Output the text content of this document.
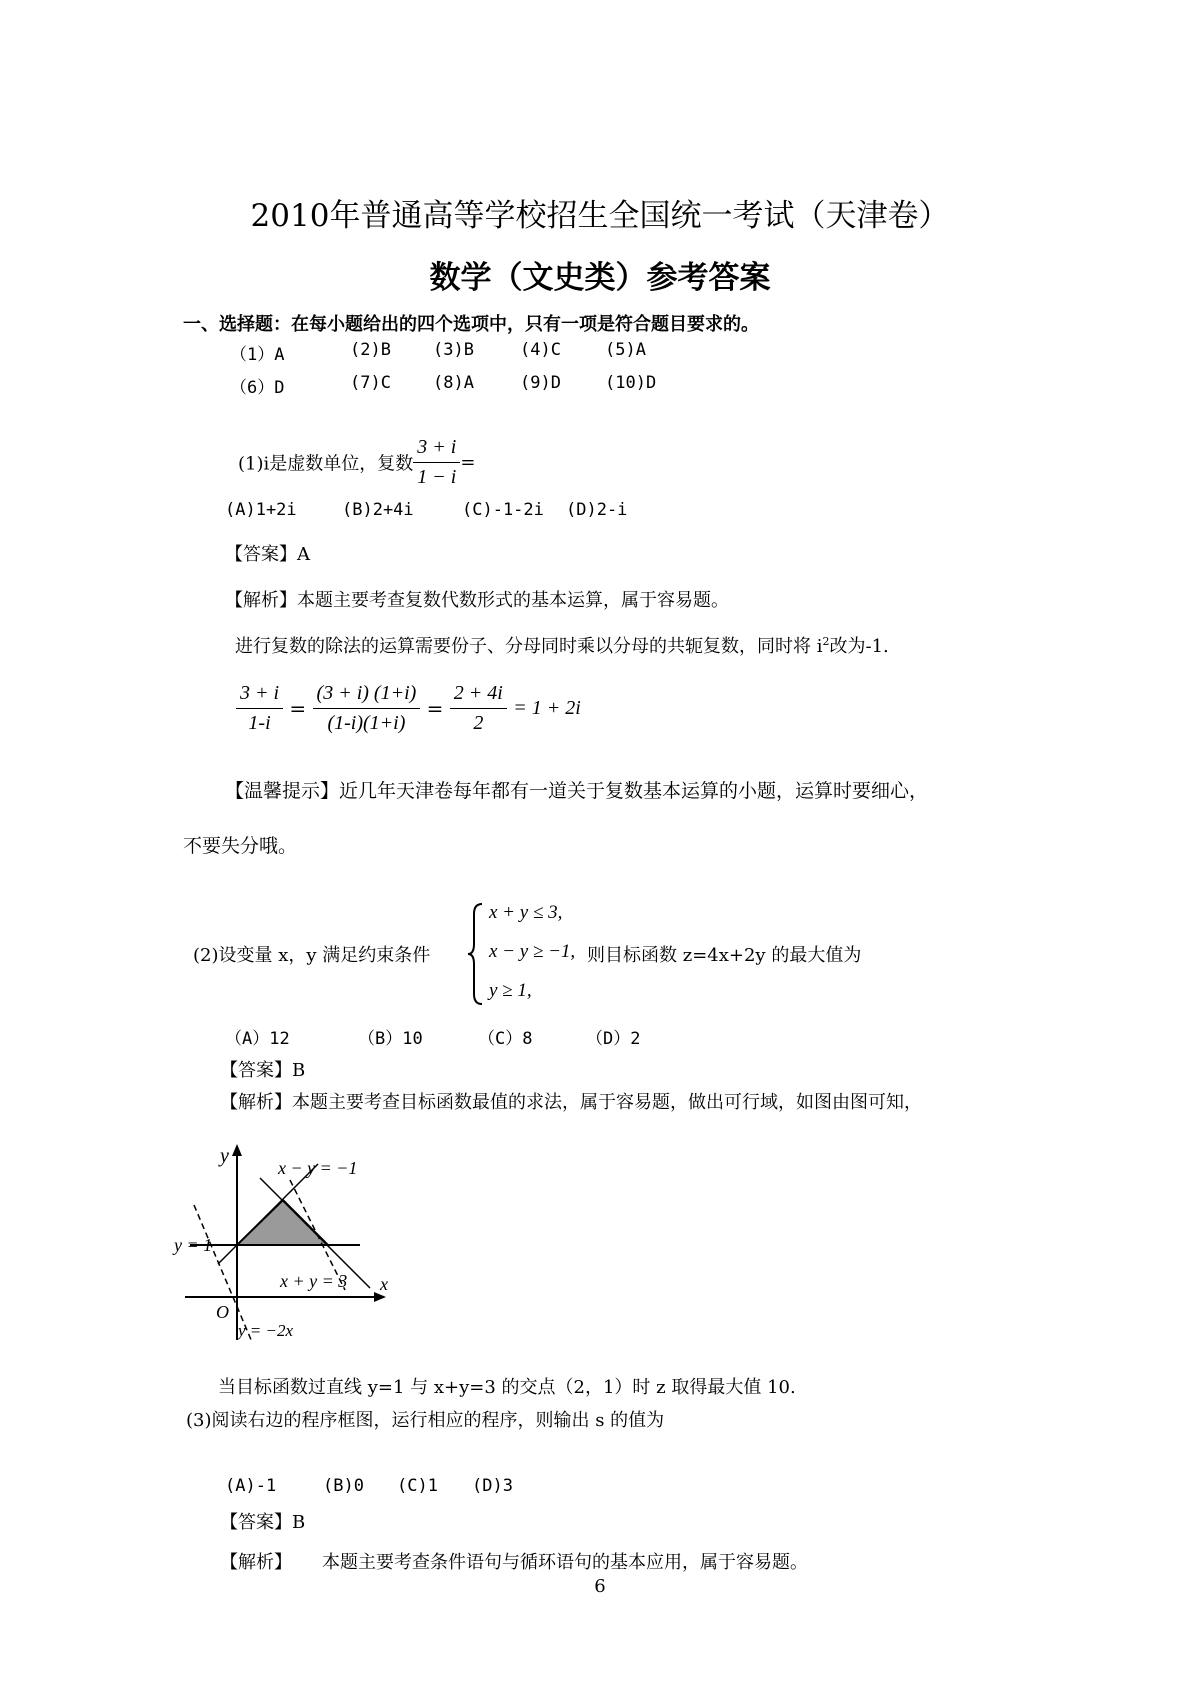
2010年普通高等学校招生全国统一考试（天津卷）
数学（文史类）参考答案
一、选择题：在每小题给出的四个选项中，只有一项是符合题目要求的。
（1）A	(2)B (3)B	(4)C	(5)A
（6）D	(7)C (8)A	(9)D	(10)D
(1)i是虚数单位，复数 $\frac{3 + i}{1 - i}$ =
(A)1+2i	(B)2+4i	(C)-1-2i (D)2-i
【答案】A
【解析】本题主要考查复数代数形式的基本运算，属于容易题。
进行复数的除法的运算需要份子、分母同时乘以分母的共轭复数，同时将 $i^2$改为-1.
$\frac{3 + i}{1-i} = \frac{(3 + i) (1+i)}{(1-i)(1+i)} = \frac{2 + 4i}{2} = 1 + 2i$
【温馨提示】近几年天津卷每年都有一道关于复数基本运算的小题，运算时要细心，
不要失分哦。
(2)设变量 x，y 满足约束条件
x + y ≤ 3,
x − y ≥ −1,
y ≥ 1,
则目标函数 z=4x+2y 的最大值为
（A）12	（B）10	（C）8	（D）2
【答案】B
【解析】本题主要考查目标函数最值的求法，属于容易题，做出可行域，如图由图可知，
y
x
O
x − y = −1
y = 1
x + y = 3
y = −2x
当目标函数过直线 y=1 与 x+y=3 的交点（2，1）时 z 取得最大值 10.
(3)阅读右边的程序框图，运行相应的程序，则输出 s 的值为
(A)-1	(B)0 (C)1 (D)3
【答案】B
【解析】 本题主要考查条件语句与循环语句的基本应用，属于容易题。
6
